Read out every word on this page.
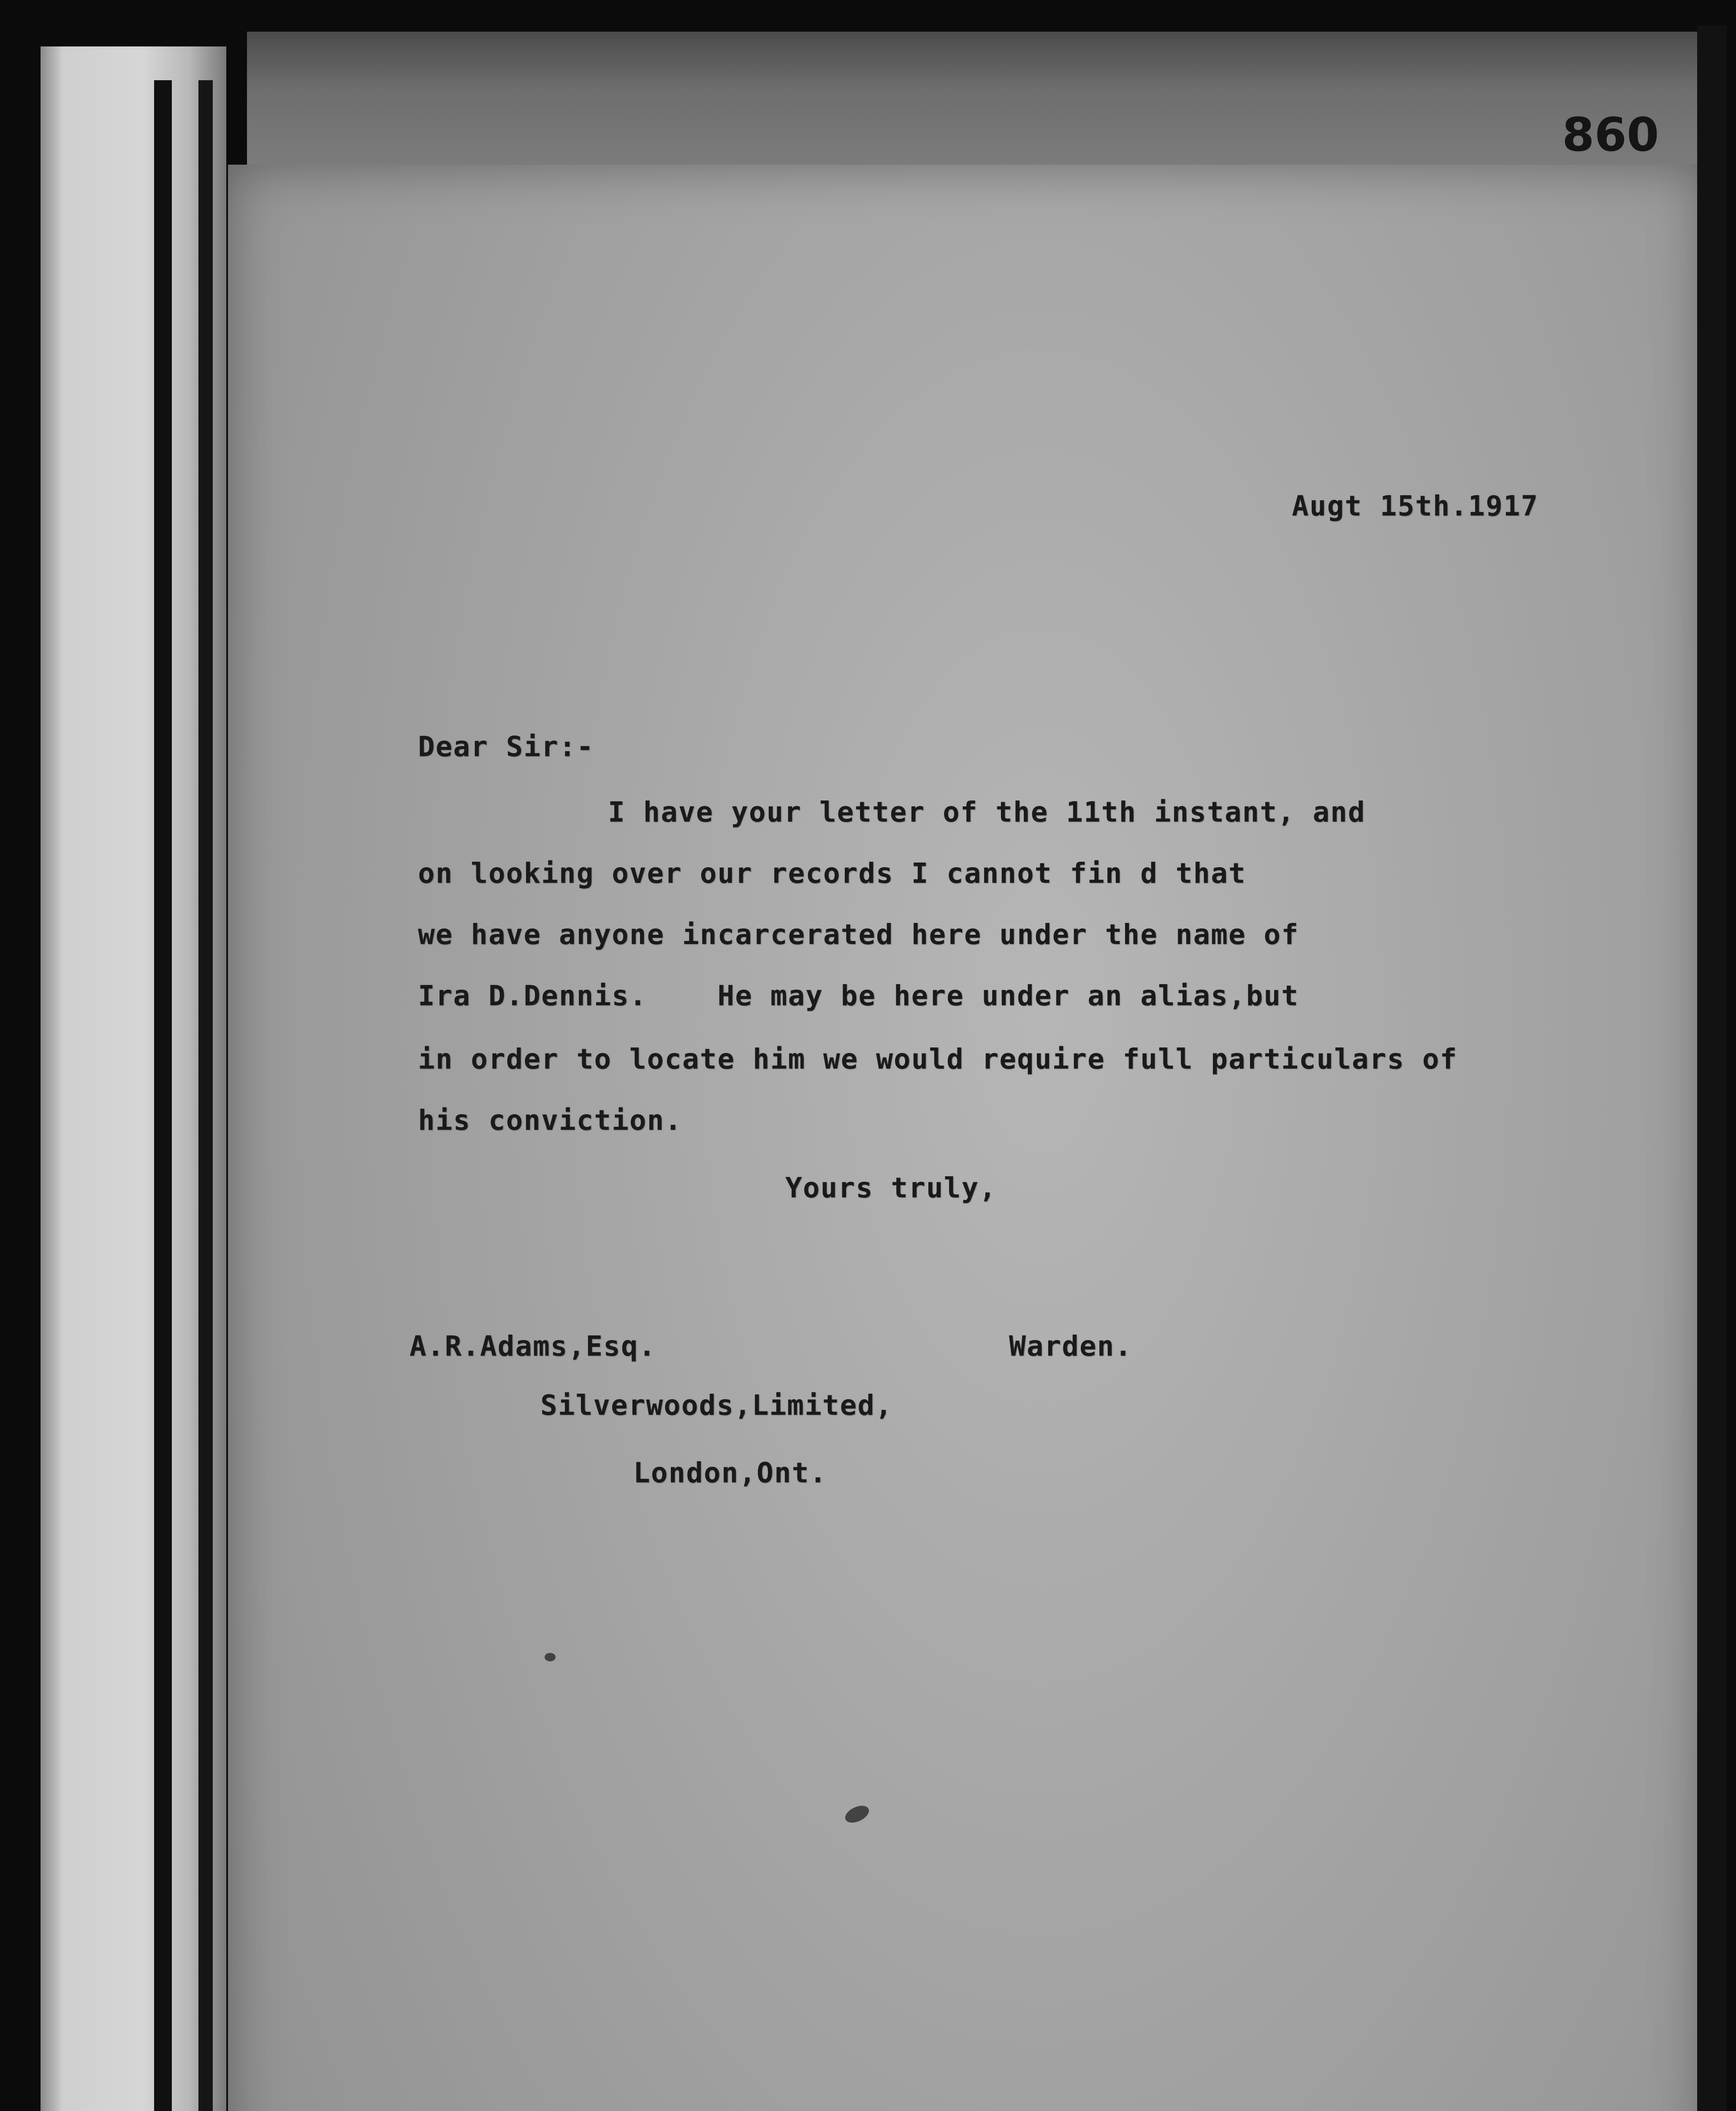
860
Augt 15th.1917
Dear Sir:-
I have your letter of the 11th instant, and
on looking over our records I cannot fin d that
we have anyone incarcerated here under the name of
Ira D.Dennis.    He may be here under an alias,but
in order to locate him we would require full particulars of
his conviction.
Yours truly,
A.R.Adams,Esq.	Warden.
Silverwoods,Limited,
London,Ont.
